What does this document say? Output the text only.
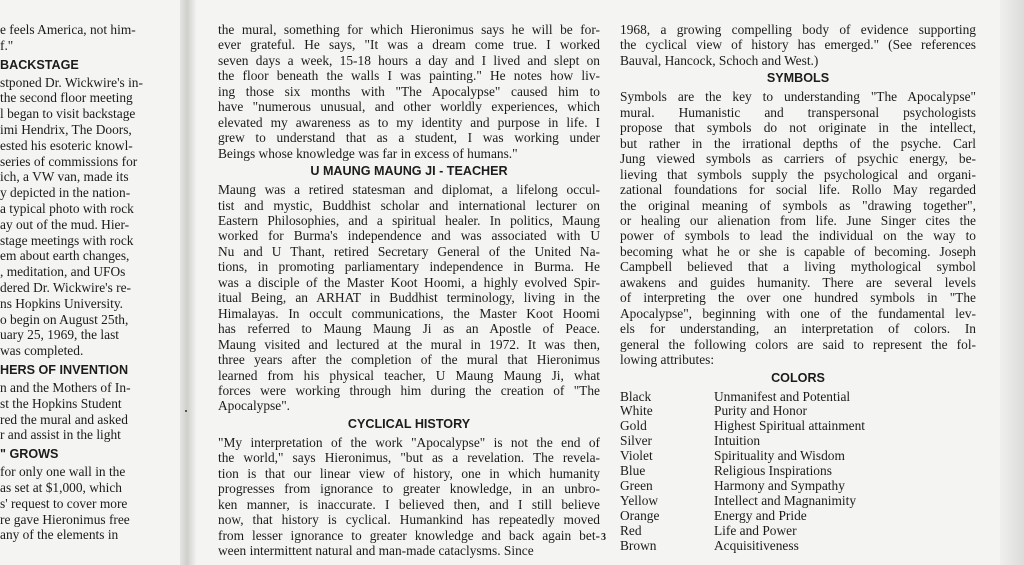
e feels America, not him-

f."

BACKSTAGE

stponed Dr. Wickwire's in-

the second floor meeting

l began to visit backstage

imi Hendrix, The Doors,

ested his esoteric knowl-

series of commissions for

ich, a VW van, made its

y depicted in the nation-

a typical photo with rock

ay out of the mud. Hier-

stage meetings with rock

em about earth changes,

, meditation, and UFOs

dered Dr. Wickwire's re-

ns Hopkins University.

o begin on August 25th,

uary 25, 1969, the last

was completed.

HERS OF INVENTION

n and the Mothers of In-

st the Hopkins Student

red the mural and asked

r and assist in the light

" GROWS

for only one wall in the

as set at $1,000, which

s' request to cover more

re gave Hieronimus free

any of the elements in

the mural, something for which Hieronimus says he will be for-
ever grateful. He says, "It was a dream come true. I worked
seven days a week, 15-18 hours a day and I lived and slept on
the floor beneath the walls I was painting." He notes how liv-
ing those six months with "The Apocalypse" caused him to
have "numerous unusual, and other worldly experiences, which
elevated my awareness as to my identity and purpose in life. I
grew to understand that as a student, I was working under
Beings whose knowledge was far in excess of humans."

U MAUNG MAUNG JI - TEACHER

Maung was a retired statesman and diplomat, a lifelong occul-
tist and mystic, Buddhist scholar and international lecturer on
Eastern Philosophies, and a spiritual healer. In politics, Maung
worked for Burma's independence and was associated with U
Nu and U Thant, retired Secretary General of the United Na-
tions, in promoting parliamentary independence in Burma. He
was a disciple of the Master Koot Hoomi, a highly evolved Spir-
itual Being, an ARHAT in Buddhist terminology, living in the
Himalayas. In occult communications, the Master Koot Hoomi
has referred to Maung Maung Ji as an Apostle of Peace.
Maung visited and lectured at the mural in 1972. It was then,
three years after the completion of the mural that Hieronimus
learned from his physical teacher, U Maung Maung Ji, what
forces were working through him during the creation of "The
Apocalypse".

CYCLICAL HISTORY

"My interpretation of the work "Apocalypse" is not the end of
the world," says Hieronimus, "but as a revelation. The revela-
tion is that our linear view of history, one in which humanity
progresses from ignorance to greater knowledge, in an unbro-
ken manner, is inaccurate. I believed then, and I still believe
now, that history is cyclical. Humankind has repeatedly moved
from lesser ignorance to greater knowledge and back again bet-
ween intermittent natural and man-made cataclysms. Since

1968, a growing compelling body of evidence supporting
the cyclical view of history has emerged." (See references
Bauval, Hancock, Schoch and West.)

SYMBOLS

Symbols are the key to understanding "The Apocalypse"
mural. Humanistic and transpersonal psychologists
propose that symbols do not originate in the intellect,
but rather in the irrational depths of the psyche. Carl
Jung viewed symbols as carriers of psychic energy, be-
lieving that symbols supply the psychological and organi-
zational foundations for social life. Rollo May regarded
the original meaning of symbols as "drawing together",
or healing our alienation from life. June Singer cites the
power of symbols to lead the individual on the way to
becoming what he or she is capable of becoming. Joseph
Campbell believed that a living mythological symbol
awakens and guides humanity. There are several levels
of interpreting the over one hundred symbols in "The
Apocalypse", beginning with one of the fundamental lev-
els for understanding, an interpretation of colors. In
general the following colors are said to represent the fol-
lowing attributes:

COLORS
Black	Unmanifest and Potential
White	Purity and Honor
Gold	Highest Spiritual attainment
Silver	Intuition
Violet	Spirituality and Wisdom
Blue	Religious Inspirations
Green	Harmony and Sympathy
Yellow	Intellect and Magnanimity
Orange	Energy and Pride
Red	Life and Power
Brown	Acquisitiveness
3
